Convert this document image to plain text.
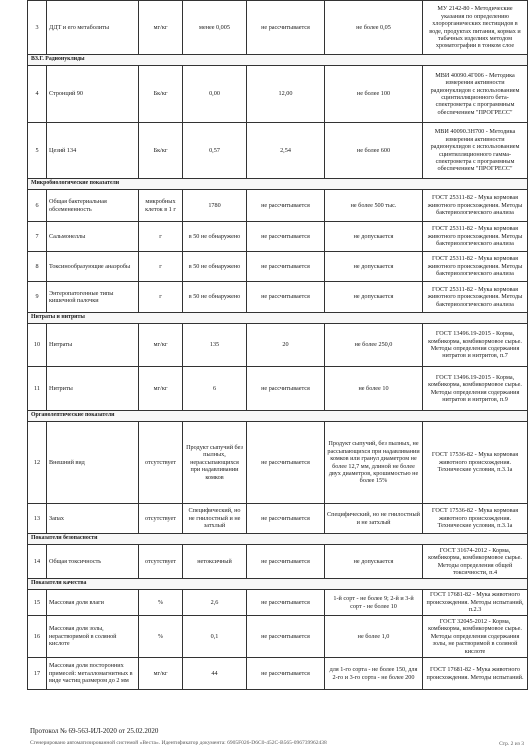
3	ДДТ и его метаболиты	мг/кг	менее 0,005	не рассчитывается	не более 0,05	МУ 2142-80 - Методические указания по определению хлорорганических пестицидов в воде, продуктах питания, кормах и табачных изделиях методом хроматографии в тонком слое
ВЗ.Г. Радионуклиды						
4	Стронций 90	Бк/кг	0,00	12,00	не более 100	МВИ 40090.4Г006 - Методика измерения активности радионуклидов с использованием сцинтилляционного бета-спектрометра с программным обеспечением "ПРОГРЕСС"
5	Цезий 134	Бк/кг	0,57	2,54	не более 600	МВИ 40090.3Н700 - Методика измерения активности радионуклидов с использованием сцинтилляционного гамма-спектрометра с программным обеспечением "ПРОГРЕСС"
Микробиологические показатели						
6	Общая бактериальная обсемененность	микробных клеток в 1 г	1780	не рассчитывается	не более 500 тыс.	ГОСТ 25311-82 - Мука кормовая животного происхождения. Методы бактериологического анализа
7	Сальмонеллы	г	в 50 не обнаружено	не рассчитывается	не допускается	ГОСТ 25311-82 - Мука кормовая животного происхождения. Методы бактериологического анализа
8	Токсинообразующие анаэробы	г	в 50 не обнаружено	не рассчитывается	не допускается	ГОСТ 25311-82 - Мука кормовая животного происхождения. Методы бактериологического анализа
9	Энтеропатогенные типы кишечной палочки	г	в 50 не обнаружено	не рассчитывается	не допускается	ГОСТ 25311-82 - Мука кормовая животного происхождения. Методы бактериологического анализа
Нитраты и нитриты						
10	Нитраты	мг/кг	135	20	не более 250,0	ГОСТ 13496.19-2015 - Корма, комбикорма, комбикормовое сырье. Методы определения содержания нитратов и нитритов, п.7
11	Нитриты	мг/кг	6	не рассчитывается	не более 10	ГОСТ 13496.19-2015 - Корма, комбикорма, комбикормовое сырье. Методы определения содержания нитратов и нитритов, п.9
Органолептические показатели						
12	Внешний вид	отсутствует	Продукт сыпучий без пылных, нерассыпающихся при надавливании комков	не рассчитывается	Продукт сыпучий, без пылных, не рассыпающихся при надавливании комков или гранул диаметром не более 12,7 мм, длиной не более двух диаметров, крошимостью не более 15%	ГОСТ 17536-82 - Мука кормовая животного происхождения. Технические условия, п.3.1а
13	Запах	отсутствует	Специфический, но не гнилостный и не затхлый	не рассчитывается	Специфический, но не гнилостный и не затхлый	ГОСТ 17536-82 - Мука кормовая животного происхождения. Технические условия, п.3.1а
Показатели безопасности						
14	Общая токсичность	отсутствует	нетоксичный	не рассчитывается	не допускается	ГОСТ 31674-2012 - Корма, комбикорма, комбикормовое сырье. Методы определения общей токсичности, п.4
Показатели качества						
15	Массовая доля влаги	%	2,6	не рассчитывается	1-й сорт - не более 9; 2-й и 3-й сорт - не более 10	ГОСТ 17681-82 - Мука животного происхождения. Методы испытаний, п.2.3
16	Массовая доля золы, нерастворимой в соляной кислоте	%	0,1	не рассчитывается	не более 1,0	ГОСТ 32045-2012 - Корма, комбикорма, комбикормовое сырье. Методы определения содержания золы, не растворимой в соляной кислоте
17	Массовая доля посторонних примесей: металломагнитных в виде частиц размером до 2 мм	мг/кг	44	не рассчитывается	для 1-го сорта - не более 150, для 2-го и 3-го сорта - не более 200	ГОСТ 17681-82 - Мука животного происхождения. Методы испытаний.
Протокол № 69-563-ИЛ-2020 от 25.02.2020
Сгенерировано автоматизированной системой «Веста». Идентификатор документа: 6905F026-D6C0-452C-B565-096739962438	Стр. 2 из 3
